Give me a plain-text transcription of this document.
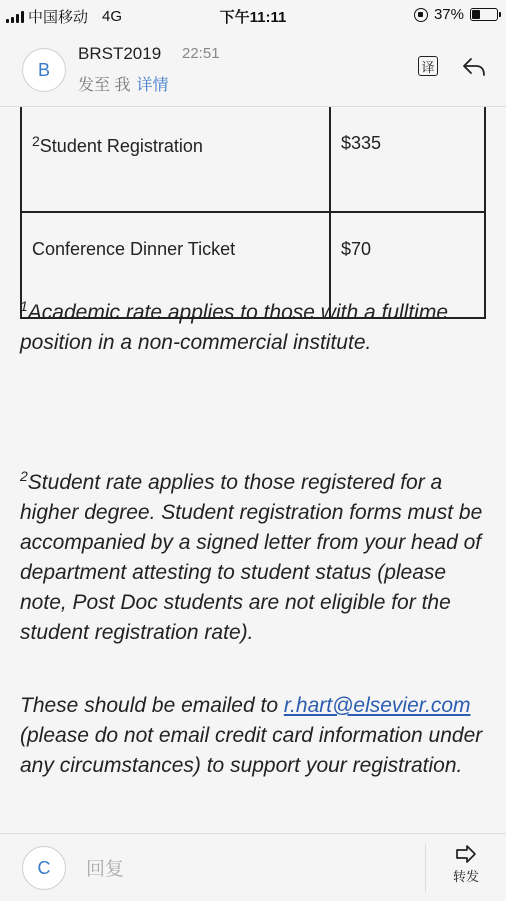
中国移动 4G	下午11:11	37%
B
BRST2019 22:51
发至 我 详情
译
$^2$Student Registration	$335
Conference Dinner Ticket	$70
$^1$Academic rate applies to those with a fulltime position in a non-commercial institute.
$^2$Student rate applies to those registered for a higher degree. Student registration forms must be accompanied by a signed letter from your head of department attesting to student status (please note, Post Doc students are not eligible for the student registration rate).
These should be emailed to r.hart@elsevier.com (please do not email credit card information under any circumstances) to support your registration.
C	回复	转发
